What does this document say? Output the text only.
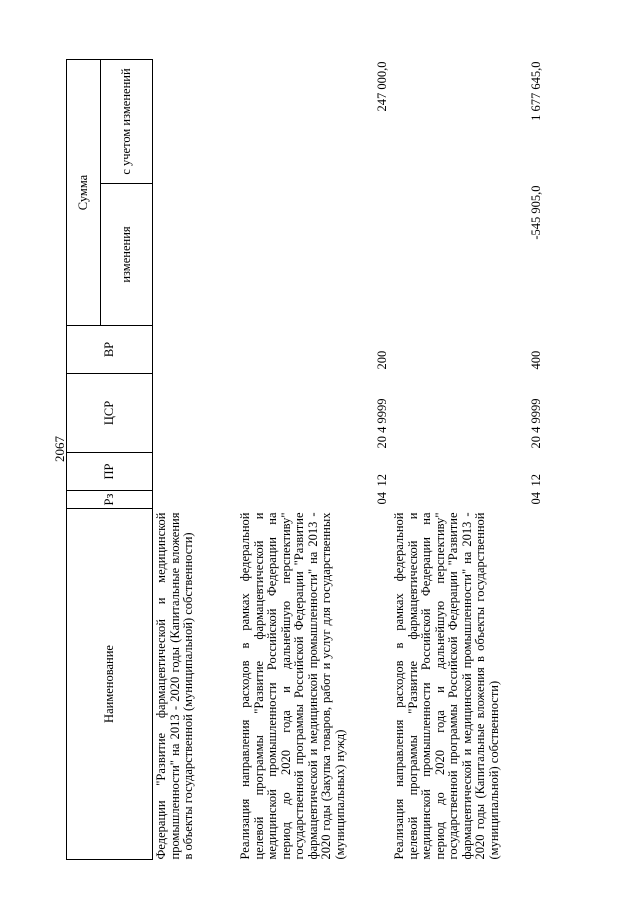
2067
Наименование	Рз	ПР	ЦСР	ВР	Сумма	
					изменения	с учетом изменений
Федерации "Развитие фармацевтической и медицинской промышленности" на 2013 - 2020 годы (Капитальные вложения в объекты государственной (муниципальной) собственности)						
Реализация направления расходов в рамках федеральной целевой программы "Развитие фармацевтической и медицинской промышленности Российской Федерации на период до 2020 года и дальнейшую перспективу" государственной программы Российской Федерации "Развитие фармацевтической и медицинской промышленности" на 2013 - 2020 годы (Закупка товаров, работ и услуг для государственных (муниципальных) нужд)	04	12	20 4 9999	200		247 000,0
Реализация направления расходов в рамках федеральной целевой программы "Развитие фармацевтической и медицинской промышленности Российской Федерации на период до 2020 года и дальнейшую перспективу" государственной программы Российской Федерации "Развитие фармацевтической и медицинской промышленности" на 2013 - 2020 годы (Капитальные вложения в объекты государственной (муниципальной) собственности)	04	12	20 4 9999	400	-545 905,0	1 677 645,0
